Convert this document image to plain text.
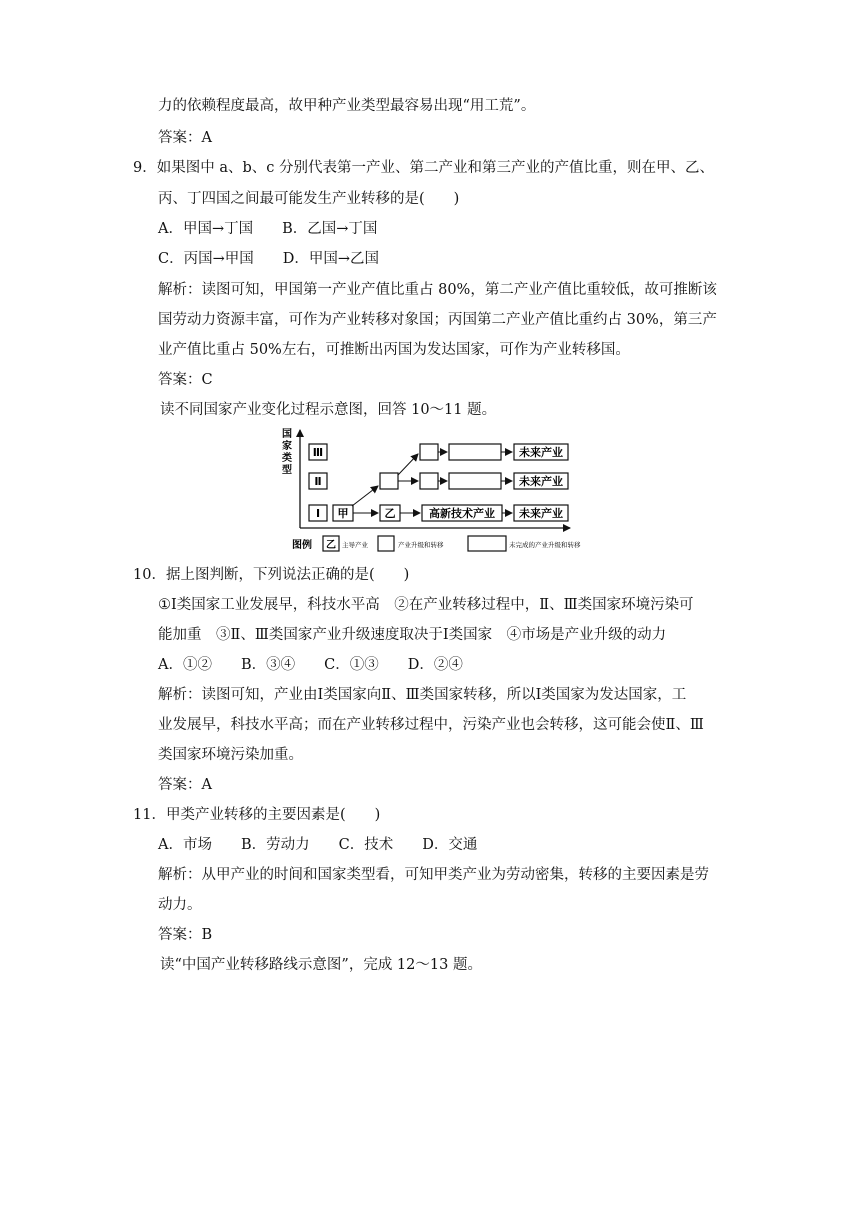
力的依赖程度最高，故甲种产业类型最容易出现“用工荒”。
答案：A
9．如果图中 a、b、c 分别代表第一产业、第二产业和第三产业的产值比重，则在甲、乙、
丙、丁四国之间最可能发生产业转移的是(　　)
A．甲国→丁国　　B．乙国→丁国
C．丙国→甲国　　D．甲国→乙国
解析：读图可知，甲国第一产业产值比重占 80%，第二产业产值比重较低，故可推断该
国劳动力资源丰富，可作为产业转移对象国；丙国第二产业产值比重约占 30%，第三产
业产值比重占 50%左右，可推断出丙国为发达国家，可作为产业转移国。
答案：C
读不同国家产业变化过程示意图，回答 10～11 题。
10．据上图判断，下列说法正确的是(　　)
①Ⅰ类国家工业发展早，科技水平高　②在产业转移过程中，Ⅱ、Ⅲ类国家环境污染可
能加重　③Ⅱ、Ⅲ类国家产业升级速度取决于Ⅰ类国家　④市场是产业升级的动力
A．①②　　B．③④　　C．①③　　D．②④
解析：读图可知，产业由Ⅰ类国家向Ⅱ、Ⅲ类国家转移，所以Ⅰ类国家为发达国家，工
业发展早，科技水平高；而在产业转移过程中，污染产业也会转移，这可能会使Ⅱ、Ⅲ
类国家环境污染加重。
答案：A
11．甲类产业转移的主要因素是(　　)
A．市场　　B．劳动力　　C．技术　　D．交通
解析：从甲产业的时间和国家类型看，可知甲类产业为劳动密集，转移的主要因素是劳
动力。
答案：B
读“中国产业转移路线示意图”，完成 12～13 题。
国
家
类
型
Ⅲ
Ⅱ
Ⅰ 甲	乙	高新技术产业 未来产业
未来产业
未来产业
图例 乙 主导产业	产业升级和转移	未完成的产业升级和转移
